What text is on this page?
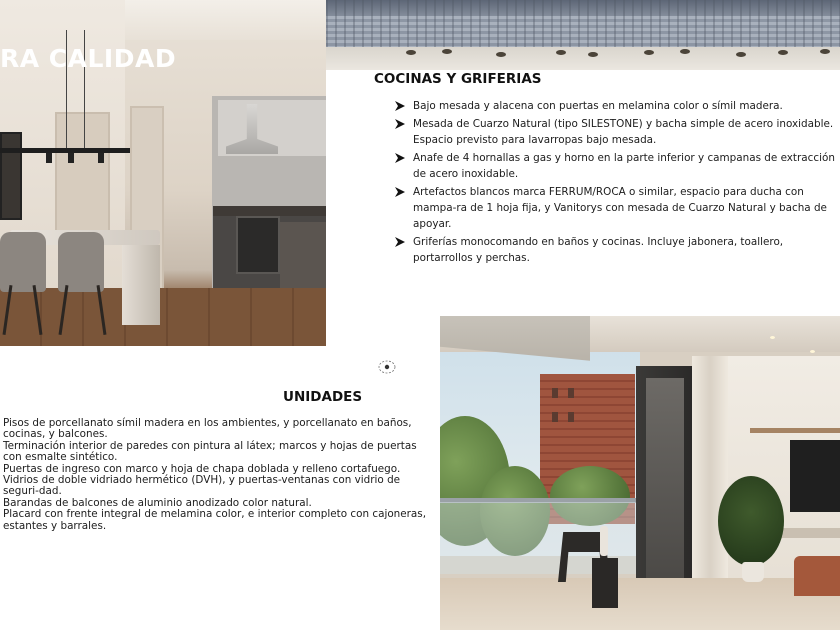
RA CALIDAD
COCINAS Y GRIFERIAS
Bajo mesada y alacena con puertas en melamina color o símil madera.
Mesada de Cuarzo Natural (tipo SILESTONE) y bacha simple de acero inoxidable. Espacio previsto para lavarropas bajo mesada.
Anafe de 4 hornallas a gas y horno en la parte inferior y campanas de extracción de acero inoxidable.
Artefactos blancos marca FERRUM/ROCA o similar, espacio para ducha con mampa-ra de 1 hoja fija, y Vanitorys con mesada de Cuarzo Natural y bacha de apoyar.
Griferías monocomando en baños y cocinas. Incluye jabonera, toallero, portarrollos y perchas.
UNIDADES
Pisos de porcellanato símil madera en los ambientes, y porcellanato en baños, cocinas, y balcones.
Terminación interior de paredes con pintura al látex; marcos y hojas de puertas con esmalte sintético.
Puertas de ingreso con marco y hoja de chapa doblada y relleno cortafuego.
Vidrios de doble vidriado hermético (DVH), y puertas-ventanas con vidrio de seguri-dad.
Barandas de balcones de aluminio anodizado color natural.
Placard con frente integral de melamina color, e interior completo con cajoneras, estantes y barrales.
